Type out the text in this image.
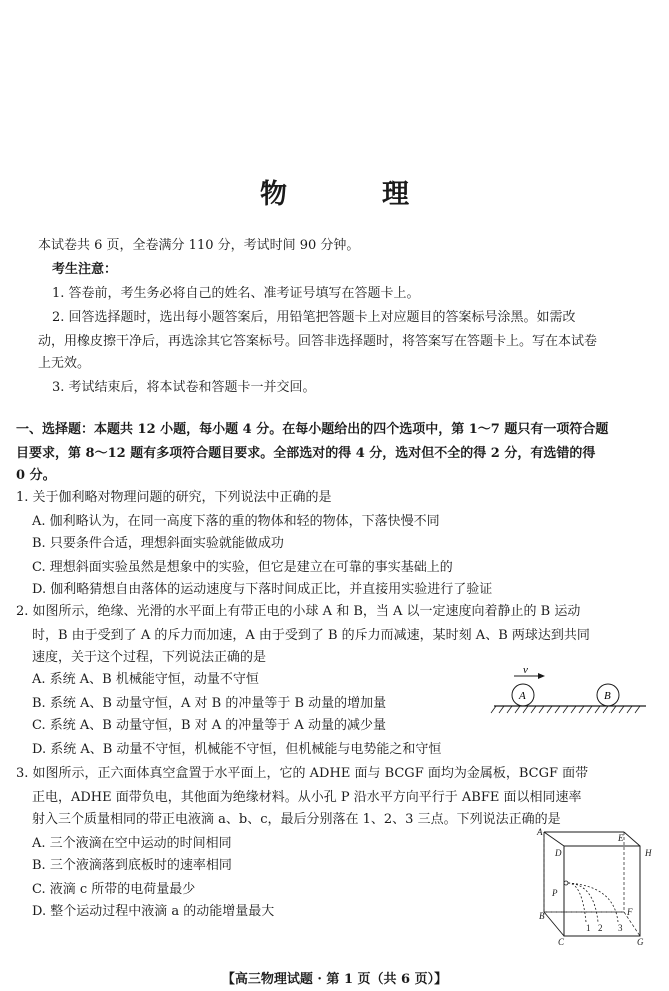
物　理

本试卷共 6 页，全卷满分 110 分，考试时间 90 分钟。

考生注意：

1. 答卷前，考生务必将自己的姓名、准考证号填写在答题卡上。

2. 回答选择题时，选出每小题答案后，用铅笔把答题卡上对应题目的答案标号涂黑。如需改

动，用橡皮擦干净后，再选涂其它答案标号。回答非选择题时，将答案写在答题卡上。写在本试卷

上无效。

3. 考试结束后，将本试卷和答题卡一并交回。

一、选择题：本题共 12 小题，每小题 4 分。在每小题给出的四个选项中，第 1～7 题只有一项符合题

目要求，第 8～12 题有多项符合题目要求。全部选对的得 4 分，选对但不全的得 2 分，有选错的得

0 分。

1. 关于伽利略对物理问题的研究，下列说法中正确的是

A. 伽利略认为，在同一高度下落的重的物体和轻的物体，下落快慢不同

B. 只要条件合适，理想斜面实验就能做成功

C. 理想斜面实验虽然是想象中的实验，但它是建立在可靠的事实基础上的

D. 伽利略猜想自由落体的运动速度与下落时间成正比，并直接用实验进行了验证

2. 如图所示，绝缘、光滑的水平面上有带正电的小球 A 和 B，当 A 以一定速度向着静止的 B 运动

时，B 由于受到了 A 的斥力而加速，A 由于受到了 B 的斥力而减速，某时刻 A、B 两球达到共同

速度，关于这个过程，下列说法正确的是

A. 系统 A、B 机械能守恒，动量不守恒

B. 系统 A、B 动量守恒，A 对 B 的冲量等于 B 动量的增加量

C. 系统 A、B 动量守恒，B 对 A 的冲量等于 A 动量的减少量

D. 系统 A、B 动量不守恒，机械能不守恒，但机械能与电势能之和守恒

v
A	B

3. 如图所示，正六面体真空盒置于水平面上，它的 ADHE 面与 BCGF 面均为金属板，BCGF 面带

正电，ADHE 面带负电，其他面为绝缘材料。从小孔 P 沿水平方向平行于 ABFE 面以相同速率

射入三个质量相同的带正电液滴 a、b、c，最后分别落在 1、2、3 三点。下列说法正确的是

A. 三个液滴在空中运动的时间相同

B. 三个液滴落到底板时的速率相同

C. 液滴 c 所带的电荷量最少

D. 整个运动过程中液滴 a 的动能增量最大

A
E
D	H
P
B	F
C	G
1 2 3
【高三物理试题 · 第 1 页（共 6 页）】
